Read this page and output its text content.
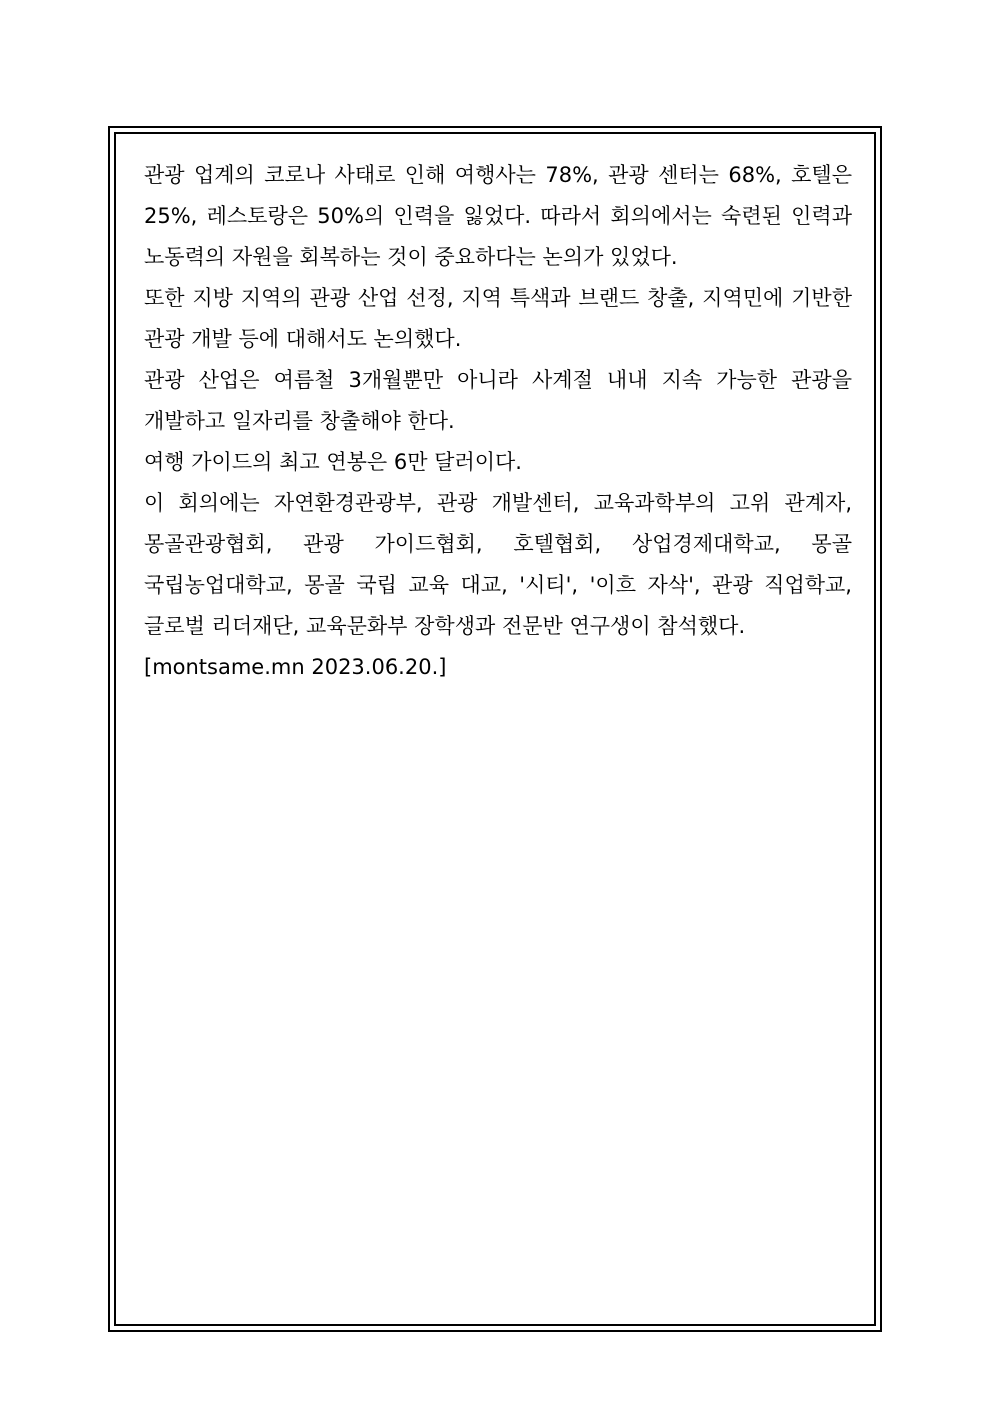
관광 업계의 코로나 사태로 인해 여행사는 78%, 관광 센터는 68%, 호텔은 25%, 레스토랑은 50%의 인력을 잃었다. 따라서 회의에서는 숙련된 인력과 노동력의 자원을 회복하는 것이 중요하다는 논의가 있었다.

또한 지방 지역의 관광 산업 선정, 지역 특색과 브랜드 창출, 지역민에 기반한 관광 개발 등에 대해서도 논의했다.

관광 산업은 여름철 3개월뿐만 아니라 사계절 내내 지속 가능한 관광을 개발하고 일자리를 창출해야 한다.

여행 가이드의 최고 연봉은 6만 달러이다.

이 회의에는 자연환경관광부, 관광 개발센터, 교육과학부의 고위 관계자, 몽골관광협회, 관광 가이드협회, 호텔협회, 상업경제대학교, 몽골 국립농업대학교, 몽골 국립 교육 대교, '시티', '이흐 자삭', 관광 직업학교, 글로벌 리더재단, 교육문화부 장학생과 전문반 연구생이 참석했다.

[montsame.mn 2023.06.20.]
